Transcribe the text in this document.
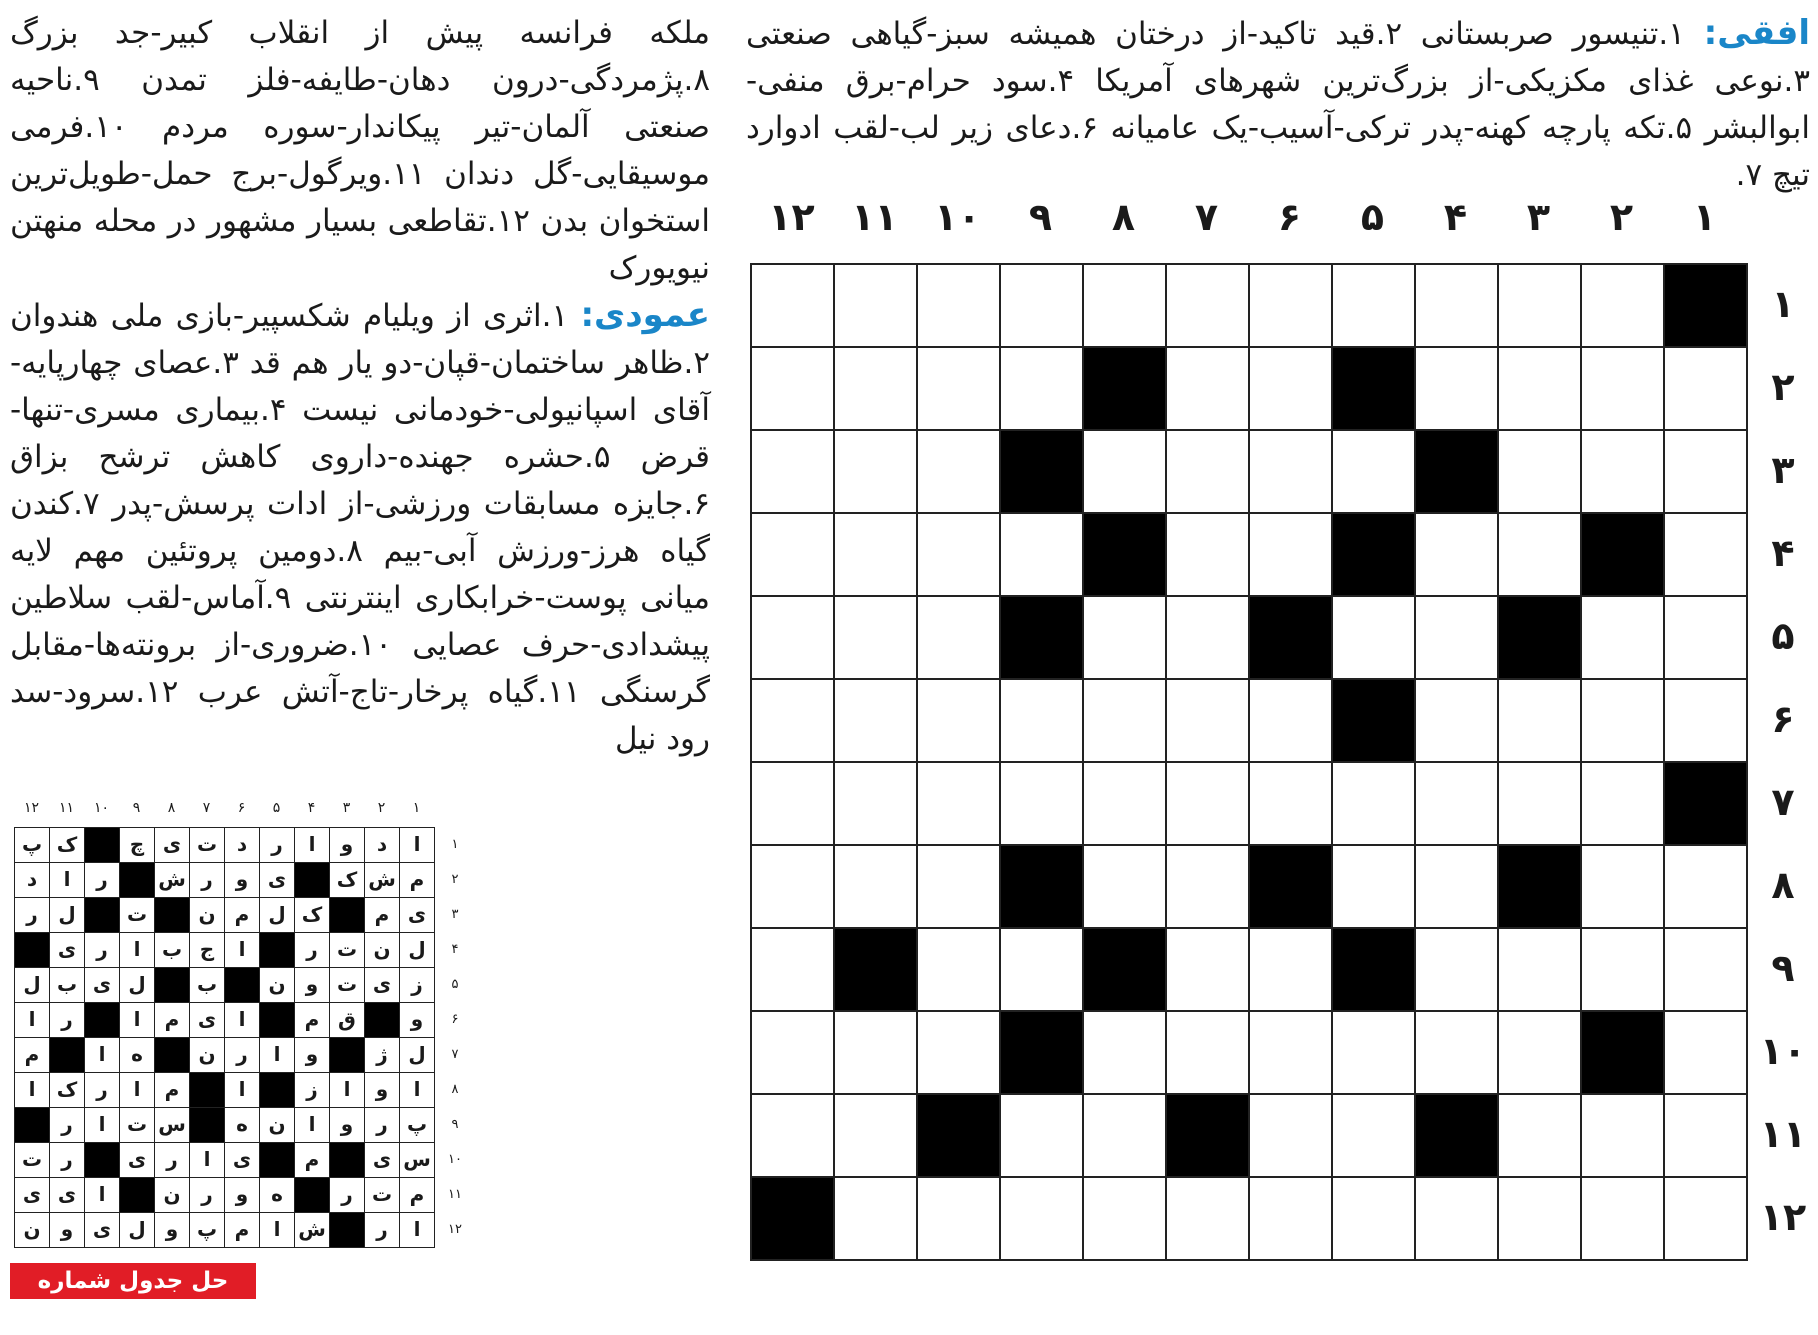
افقی: ۱.تنیسور صربستانی ۲.قید تاکید-از درختان همیشه سبز-گیاهی صنعتی ۳.نوعی غذای مکزیکی-از بزرگ‌ترین شهرهای آمریکا ۴.سود حرام-برق منفی-ابوالبشر ۵.تکه پارچه کهنه-پدر ترکی-آسیب-یک عامیانه ۶.دعای زیر لب-لقب ادوارد تیچ ۷.
ملکه فرانسه پیش از انقلاب کبیر-جد بزرگ ۸.پژمردگی-درون دهان-طایفه-فلز تمدن ۹.ناحیه صنعتی آلمان-تیر پیکاندار-سوره مردم ۱۰.فرمی موسیقایی-گل دندان ۱۱.ویرگول-برج حمل-طویل‌ترین استخوان بدن ۱۲.تقاطعی بسیار مشهور در محله منهتن نیویورک
عمودی: ۱.اثری از ویلیام شکسپیر-بازی ملی هندوان ۲.ظاهر ساختمان-قپان-دو یار هم قد ۳.عصای چهارپایه-آقای اسپانیولی-خودمانی نیست ۴.بیماری مسری-تنها-قرض ۵.حشره جهنده-داروی کاهش ترشح بزاق ۶.جایزه مسابقات ورزشی-از ادات پرسش-پدر ۷.کندن گیاه هرز-ورزش آبی-بیم ۸.دومین پروتئین مهم لایه میانی پوست-خرابکاری اینترنتی ۹.آماس-لقب سلاطین پیشدادی-حرف عصایی ۱۰.ضروری-از برونته‌ها-مقابل گرسنگی ۱۱.گیاه پرخار-تاج-آتش عرب ۱۲.سرود-سد رود نیل
۱
۲
۳
۴
۵
۶
۷
۸
۹
۱۰
۱۱
۱۲
۱
۲
۳
۴
۵
۶
۷
۸
۹
۱۰
۱۱
۱۲
۱
۲
۳
۴
۵
۶
۷
۸
۹
۱۰
۱۱
۱۲
۱
۲
۳
۴
۵
۶
۷
۸
۹
۱۰
۱۱
۱۲
ا
د
و
ا
ر
د
ت
ی
چ
ک
پ
م
ش
ک
ی
و
ر
ش
ر
ا
د
ی
م
ک
ل
م
ن
ت
ل
ر
ل
ن
ت
ر
ا
ج
ب
ا
ر
ی
ز
ی
ت
و
ن
ب
ل
ی
ب
ل
و
ق
م
ا
ی
م
ا
ر
ا
ل
ژ
و
ا
ر
ن
ه
ا
م
ا
و
ا
ز
ا
م
ا
ر
ک
ا
پ
ر
و
ا
ن
ه
س
ت
ا
ر
س
ی
م
ی
ا
ر
ی
ر
ت
م
ت
ر
ه
و
ر
ن
ا
ی
ی
ا
ر
ش
ا
م
پ
و
ل
ی
و
ن
حل جدول شماره ۱۸۵۹
